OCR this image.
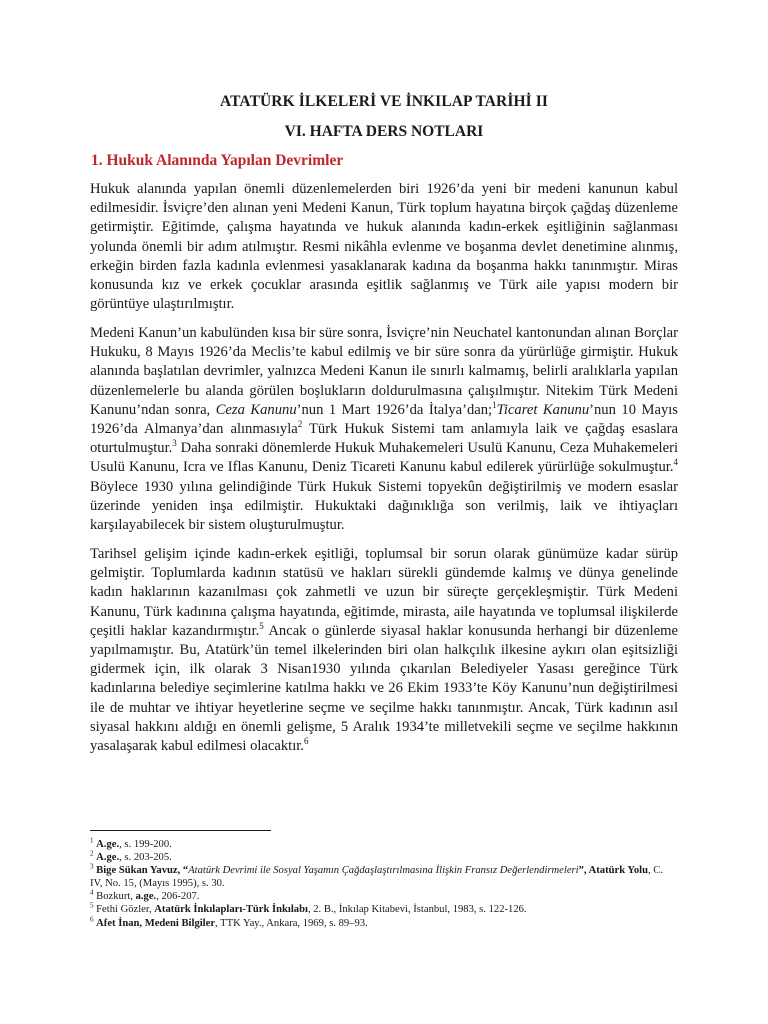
ATATÜRK İLKELERİ VE İNKILAP TARİHİ II
VI. HAFTA DERS NOTLARI
1. Hukuk Alanında Yapılan Devrimler

Hukuk alanında yapılan önemli düzenlemelerden biri 1926’da yeni bir medeni kanunun kabul edilmesidir. İsviçre’den alınan yeni Medeni Kanun, Türk toplum hayatına birçok çağdaş düzenleme getirmiştir. Eğitimde, çalışma hayatında ve hukuk alanında kadın-erkek eşitliğinin sağlanması yolunda önemli bir adım atılmıştır. Resmi nikâhla evlenme ve boşanma devlet denetimine alınmış, erkeğin birden fazla kadınla evlenmesi yasaklanarak kadına da boşanma hakkı tanınmıştır. Miras konusunda kız ve erkek çocuklar arasında eşitlik sağlanmış ve Türk aile yapısı modern bir görüntüye ulaştırılmıştır.

Medeni Kanun’un kabulünden kısa bir süre sonra, İsviçre’nin Neuchatel kantonundan alınan Borçlar Hukuku, 8 Mayıs 1926’da Meclis’te kabul edilmiş ve bir süre sonra da yürürlüğe girmiştir. Hukuk alanında başlatılan devrimler, yalnızca Medeni Kanun ile sınırlı kalmamış, belirli aralıklarla yapılan düzenlemelerle bu alanda görülen boşlukların doldurulmasına çalışılmıştır. Nitekim Türk Medeni Kanunu’ndan sonra, Ceza Kanunu’nun 1 Mart 1926’da İtalya’dan;$^1$Ticaret Kanunu’nun 10 Mayıs 1926’da Almanya’dan alınmasıyla$^2$ Türk Hukuk Sistemi tam anlamıyla laik ve çağdaş esaslara oturtulmuştur.$^3$ Daha sonraki dönemlerde Hukuk Muhakemeleri Usulü Kanunu, Ceza Muhakemeleri Usulü Kanunu, Icra ve Iflas Kanunu, Deniz Ticareti Kanunu kabul edilerek yürürlüğe sokulmuştur.$^4$ Böylece 1930 yılına gelindiğinde Türk Hukuk Sistemi topyekûn değiştirilmiş ve modern esaslar üzerinde yeniden inşa edilmiştir. Hukuktaki dağınıklığa son verilmiş, laik ve ihtiyaçları karşılayabilecek bir sistem oluşturulmuştur.

Tarihsel gelişim içinde kadın-erkek eşitliği, toplumsal bir sorun olarak günümüze kadar sürüp gelmiştir. Toplumlarda kadının statüsü ve hakları sürekli gündemde kalmış ve dünya genelinde kadın haklarının kazanılması çok zahmetli ve uzun bir süreçte gerçekleşmiştir. Türk Medeni Kanunu, Türk kadınına çalışma hayatında, eğitimde, mirasta, aile hayatında ve toplumsal ilişkilerde çeşitli haklar kazandırmıştır.$^5$ Ancak o günlerde siyasal haklar konusunda herhangi bir düzenleme yapılmamıştır. Bu, Atatürk’ün temel ilkelerinden biri olan halkçılık ilkesine aykırı olan eşitsizliği gidermek için, ilk olarak 3 Nisan1930 yılında çıkarılan Belediyeler Yasası gereğince Türk kadınlarına belediye seçimlerine katılma hakkı ve 26 Ekim 1933’te Köy Kanunu’nun değiştirilmesi ile de muhtar ve ihtiyar heyetlerine seçme ve seçilme hakkı tanınmıştır. Ancak, Türk kadının asıl siyasal hakkını aldığı en önemli gelişme, 5 Aralık 1934’te milletvekili seçme ve seçilme hakkının yasalaşarak kabul edilmesi olacaktır.$^6$

$^1$ A.ge., s. 199-200.
$^2$ A.ge., s. 203-205.
$^3$ Bige Sükan Yavuz, “Atatürk Devrimi ile Sosyal Yaşamın Çağdaşlaştırılmasına İlişkin Fransız Değerlendirmeleri”, Atatürk Yolu, C. IV, No. 15, (Mayıs 1995), s. 30.
$^4$ Bozkurt, a.ge., 206-207.
$^5$ Fethi Gözler, Atatürk İnkılapları-Türk İnkılabı, 2. B., İnkılap Kitabevi, İstanbul, 1983, s. 122-126.
$^6$ Afet İnan, Medeni Bilgiler, TTK Yay., Ankara, 1969, s. 89–93.
